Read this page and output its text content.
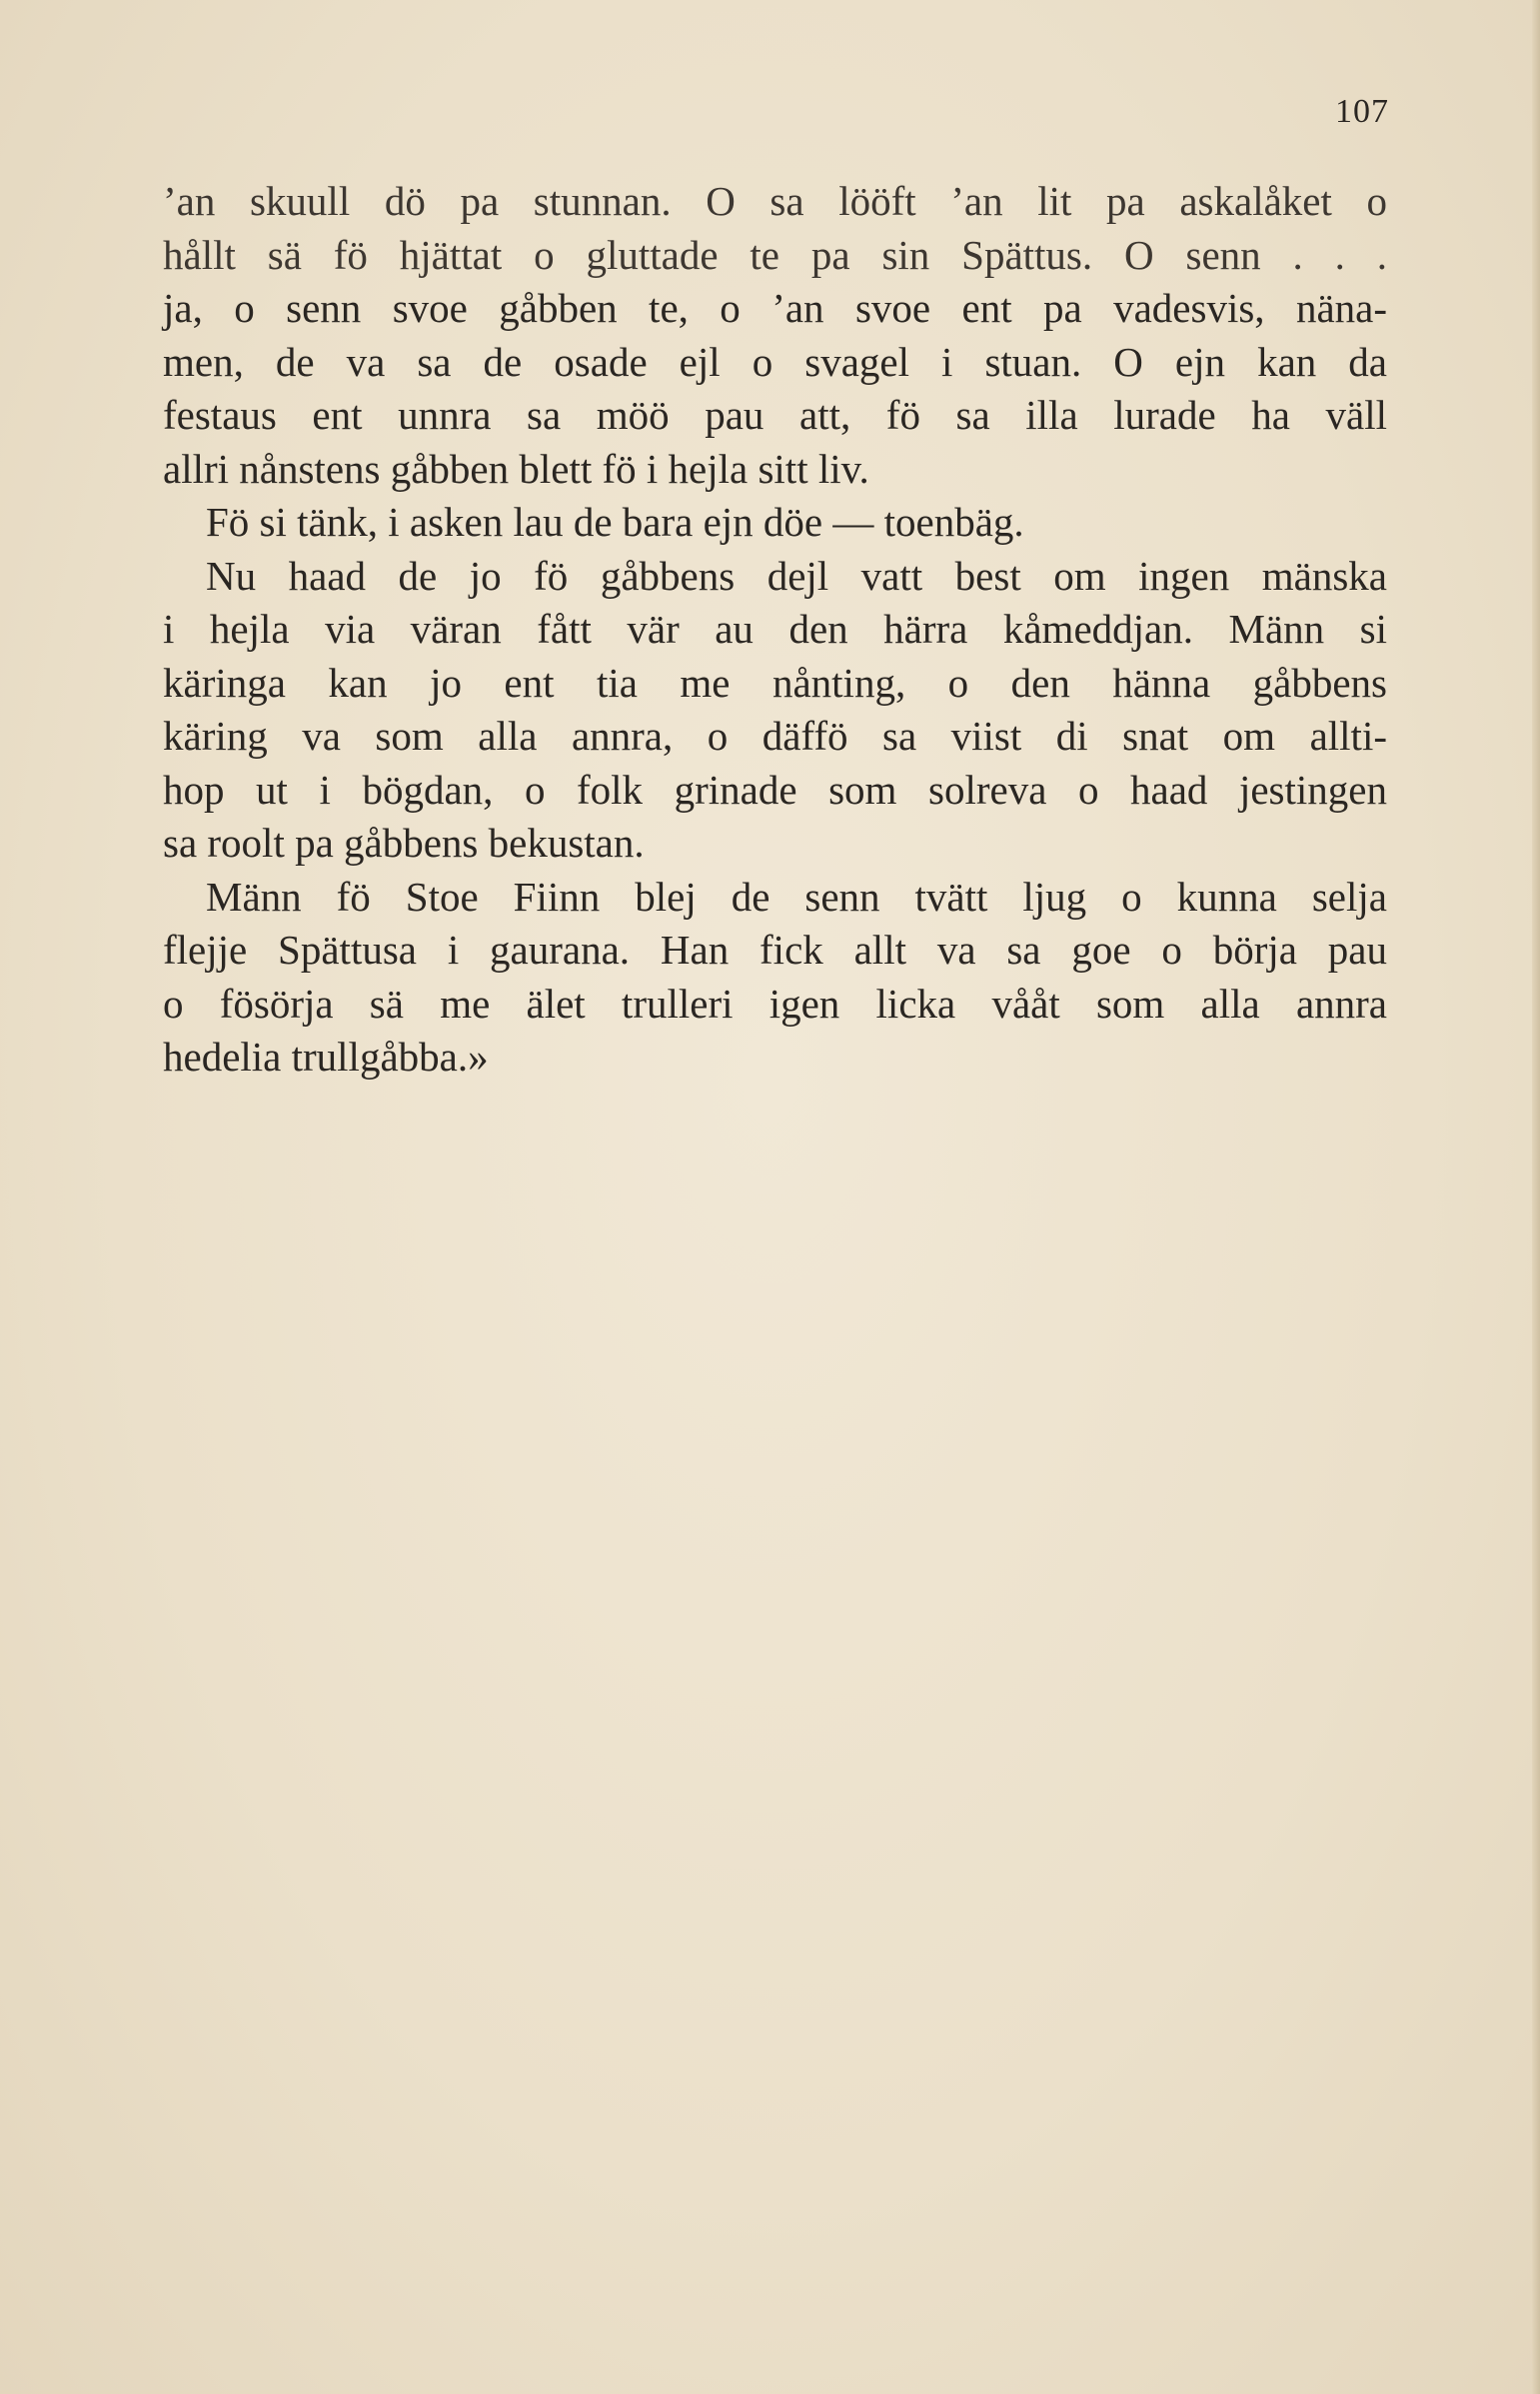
107
’an skuull dö pa stunnan. O sa lööft ’an lit pa askalåket o
hållt sä fö hjättat o gluttade te pa sin Spättus. O senn . . .
ja, o senn svoe gåbben te, o ’an svoe ent pa vadesvis, näna-
men, de va sa de osade ejl o svagel i stuan. O ejn kan da
festaus ent unnra sa möö pau att, fö sa illa lurade ha väll
allri nånstens gåbben blett fö i hejla sitt liv.
Fö si tänk, i asken lau de bara ejn döe — toenbäg.
Nu haad de jo fö gåbbens dejl vatt best om ingen mänska
i hejla via väran fått vär au den härra kåmeddjan. Männ si
käringa kan jo ent tia me nånting, o den hänna gåbbens
käring va som alla annra, o däffö sa viist di snat om allti-
hop ut i bögdan, o folk grinade som solreva o haad jestingen
sa roolt pa gåbbens bekustan.
Männ fö Stoe Fiinn blej de senn tvätt ljug o kunna selja
flejje Spättusa i gaurana. Han fick allt va sa goe o börja pau
o fösörja sä me älet trulleri igen licka vååt som alla annra
hedelia trullgåbba.»
